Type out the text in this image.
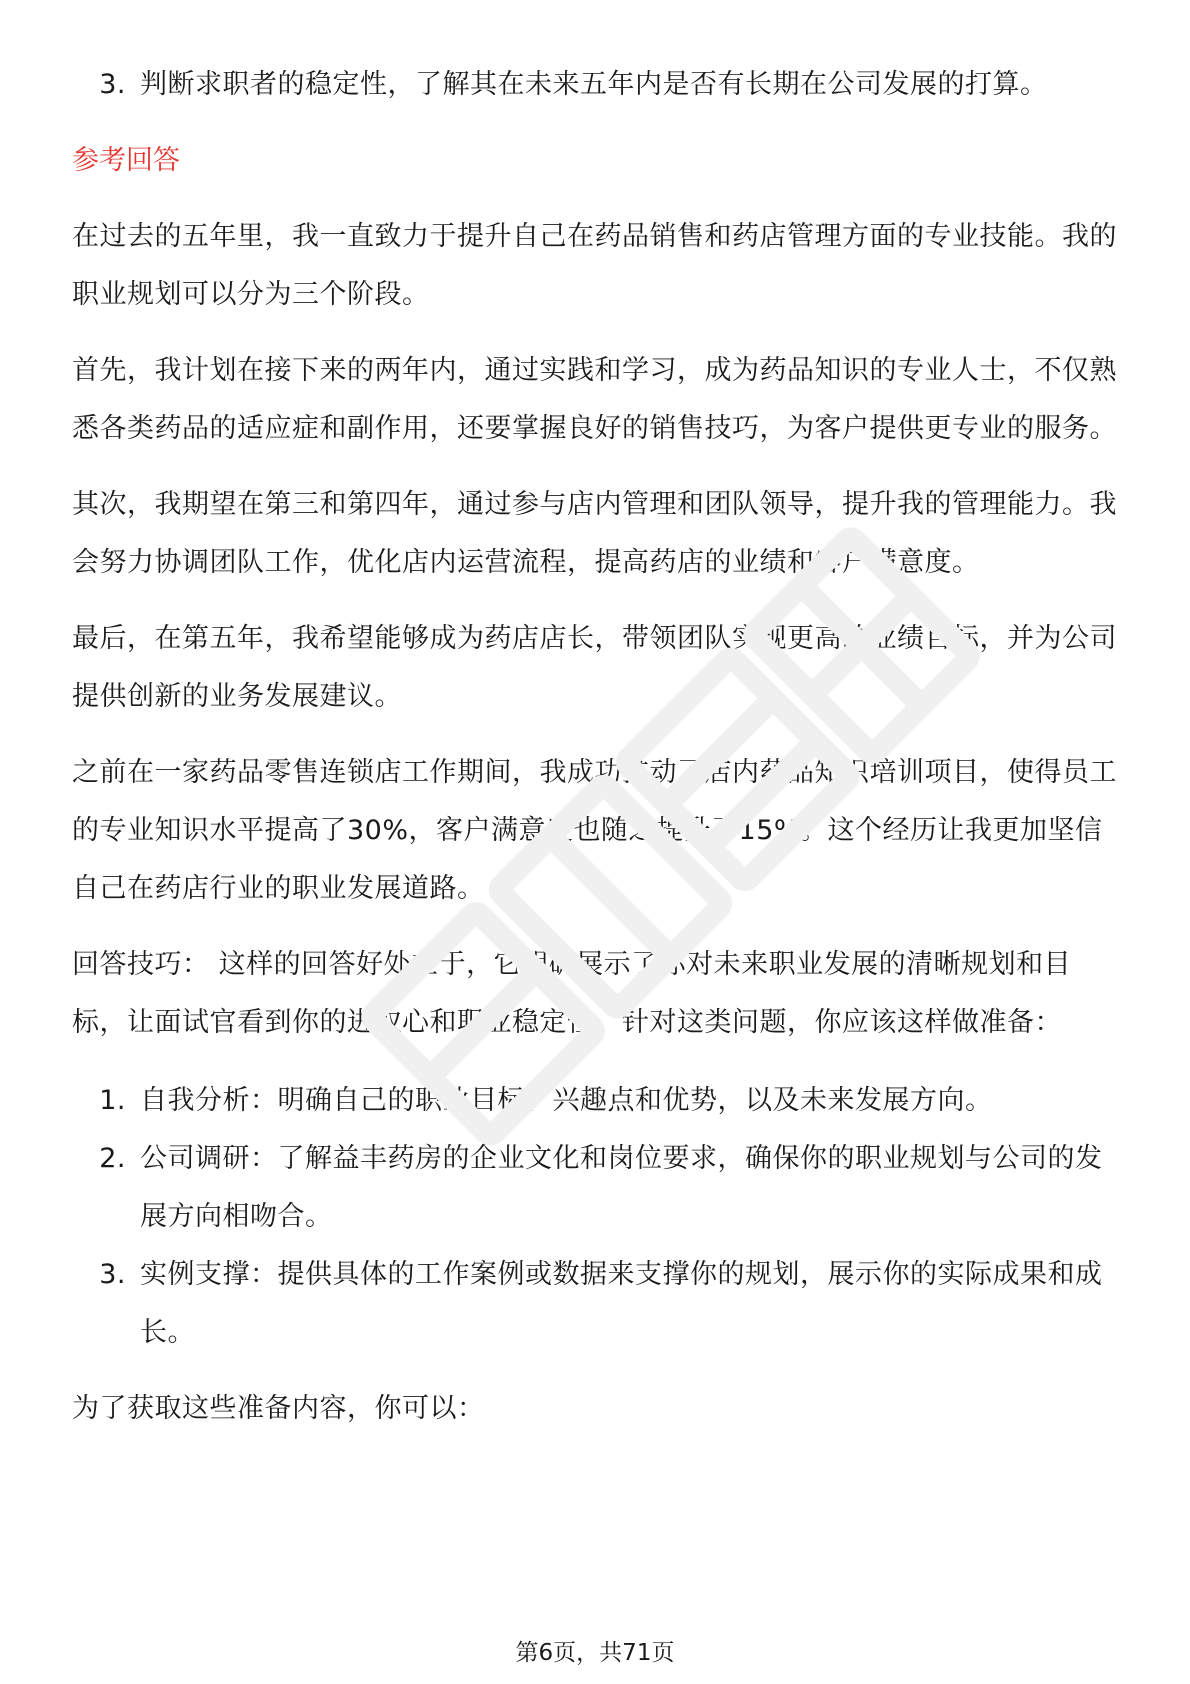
3. 判断求职者的稳定性，了解其在未来五年内是否有长期在公司发展的打算。
参考回答
在过去的五年里，我一直致力于提升自己在药品销售和药店管理方面的专业技能。我的职业规划可以分为三个阶段。
首先，我计划在接下来的两年内，通过实践和学习，成为药品知识的专业人士，不仅熟悉各类药品的适应症和副作用，还要掌握良好的销售技巧，为客户提供更专业的服务。
其次，我期望在第三和第四年，通过参与店内管理和团队领导，提升我的管理能力。我会努力协调团队工作，优化店内运营流程，提高药店的业绩和客户满意度。
最后，在第五年，我希望能够成为药店店长，带领团队实现更高的业绩目标，并为公司提供创新的业务发展建议。
之前在一家药品零售连锁店工作期间，我成功推动了店内药品知识培训项目，使得员工的专业知识水平提高了30%，客户满意度也随之提升了15%。这个经历让我更加坚信自己在药店行业的职业发展道路。
回答技巧： 这样的回答好处在于，它明确展示了你对未来职业发展的清晰规划和目标，让面试官看到你的进取心和职业稳定性。针对这类问题，你应该这样做准备：
1. 自我分析：明确自己的职业目标、兴趣点和优势，以及未来发展方向。
2. 公司调研：了解益丰药房的企业文化和岗位要求，确保你的职业规划与公司的发展方向相吻合。
3. 实例支撑：提供具体的工作案例或数据来支撑你的规划，展示你的实际成果和成长。
为了获取这些准备内容，你可以：
第6页，共71页
